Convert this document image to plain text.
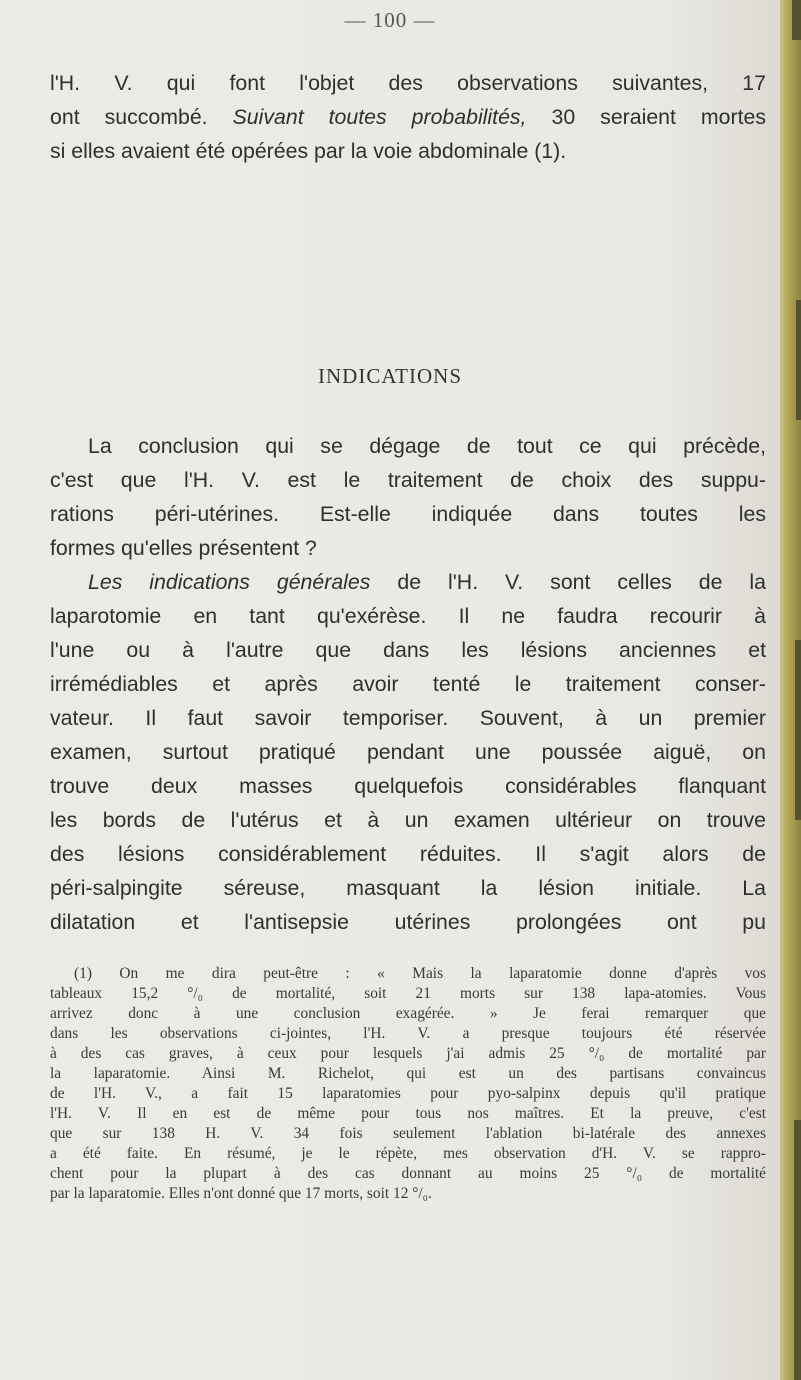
— 100 —
l'H. V. qui font l'objet des observations suivantes, 17
ont succombé. Suivant toutes probabilités, 30 seraient mortes
si elles avaient été opérées par la voie abdominale (1).
INDICATIONS
La conclusion qui se dégage de tout ce qui précède,
c'est que l'H. V. est le traitement de choix des suppu-
rations péri-utérines. Est-elle indiquée dans toutes les
formes qu'elles présentent ?
Les indications générales de l'H. V. sont celles de la
laparotomie en tant qu'exérèse. Il ne faudra recourir à
l'une ou à l'autre que dans les lésions anciennes et
irrémédiables et après avoir tenté le traitement conser-
vateur. Il faut savoir temporiser. Souvent, à un premier
examen, surtout pratiqué pendant une poussée aiguë, on
trouve deux masses quelquefois considérables flanquant
les bords de l'utérus et à un examen ultérieur on trouve
des lésions considérablement réduites. Il s'agit alors de
péri-salpingite séreuse, masquant la lésion initiale. La
dilatation et l'antisepsie utérines prolongées ont pu
(1) On me dira peut-être : « Mais la laparatomie donne d'après vos
tableaux 15,2 °/₀ de mortalité, soit 21 morts sur 138 lapa-atomies. Vous
arrivez donc à une conclusion exagérée. » Je ferai remarquer que
dans les observations ci-jointes, l'H. V. a presque toujours été réservée
à des cas graves, à ceux pour lesquels j'ai admis 25 °/₀ de mortalité par
la laparatomie. Ainsi M. Richelot, qui est un des partisans convaincus
de l'H. V., a fait 15 laparatomies pour pyo-salpinx depuis qu'il pratique
l'H. V. Il en est de même pour tous nos maîtres. Et la preuve, c'est
que sur 138 H. V. 34 fois seulement l'ablation bi-latérale des annexes
a été faite. En résumé, je le répète, mes observation d'H. V. se rappro-
chent pour la plupart à des cas donnant au moins 25 °/₀ de mortalité
par la laparatomie. Elles n'ont donné que 17 morts, soit 12 °/₀.
